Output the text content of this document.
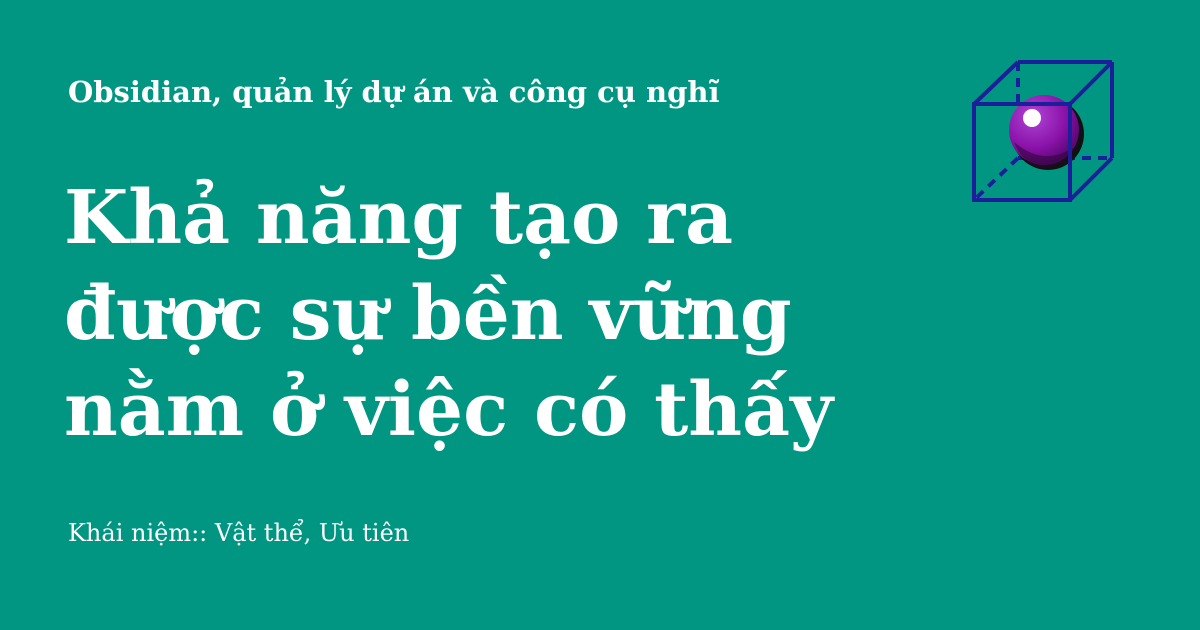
Obsidian, quản lý dự án và công cụ nghĩ
Khả năng tạo ra
được sự bền vững
nằm ở việc có thấy
Khái niệm:: Vật thể, Ưu tiên
